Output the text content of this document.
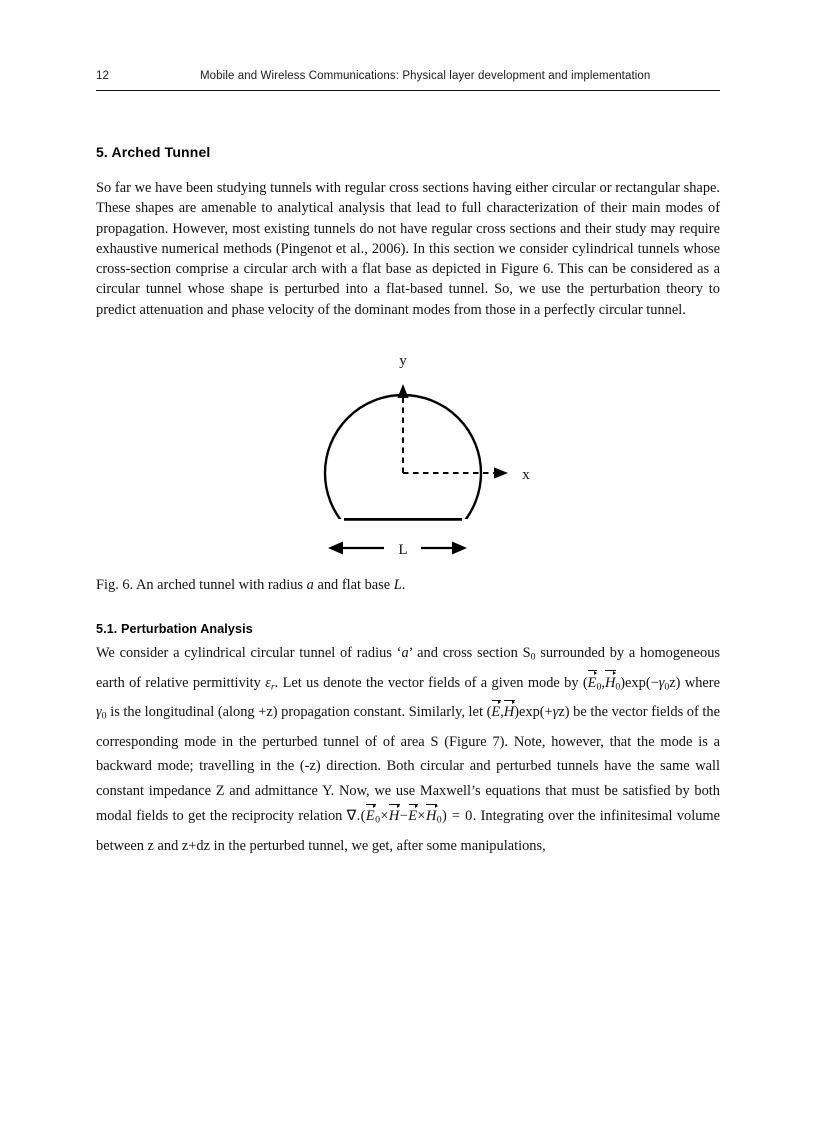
12	Mobile and Wireless Communications: Physical layer development and implementation
5. Arched Tunnel

So far we have been studying tunnels with regular cross sections having either circular or rectangular shape. These shapes are amenable to analytical analysis that lead to full characterization of their main modes of propagation. However, most existing tunnels do not have regular cross sections and their study may require exhaustive numerical methods (Pingenot et al., 2006). In this section we consider cylindrical tunnels whose cross-section comprise a circular arch with a flat base as depicted in Figure 6. This can be considered as a circular tunnel whose shape is perturbed into a flat-based tunnel. So, we use the perturbation theory to predict attenuation and phase velocity of the dominant modes from those in a perfectly circular tunnel.

y
x
L
Fig. 6. An arched tunnel with radius a and flat base L.
5.1. Perturbation Analysis

We consider a cylindrical circular tunnel of radius ‘a’ and cross section $S_0$ surrounded by a homogeneous earth of relative permittivity $\varepsilon_r$. Let us denote the vector fields of a given mode by $(E_0,H_0)\exp(-\gamma_0z)$ where $\gamma_0$ is the longitudinal (along +z) propagation constant. Similarly, let (E,H)exp(+γz) be the vector fields of the corresponding mode in the perturbed tunnel of of area S (Figure 7). Note, however, that the mode is a backward mode; travelling in the (-z) direction. Both circular and perturbed tunnels have the same wall constant impedance Z and admittance Y. Now, we use Maxwell’s equations that must be satisfied by both modal fields to get the reciprocity relation $\nabla.(E_0\times H-E\times H_0) = 0$. Integrating over the infinitesimal volume between z and z+dz in the perturbed tunnel, we get, after some manipulations,
